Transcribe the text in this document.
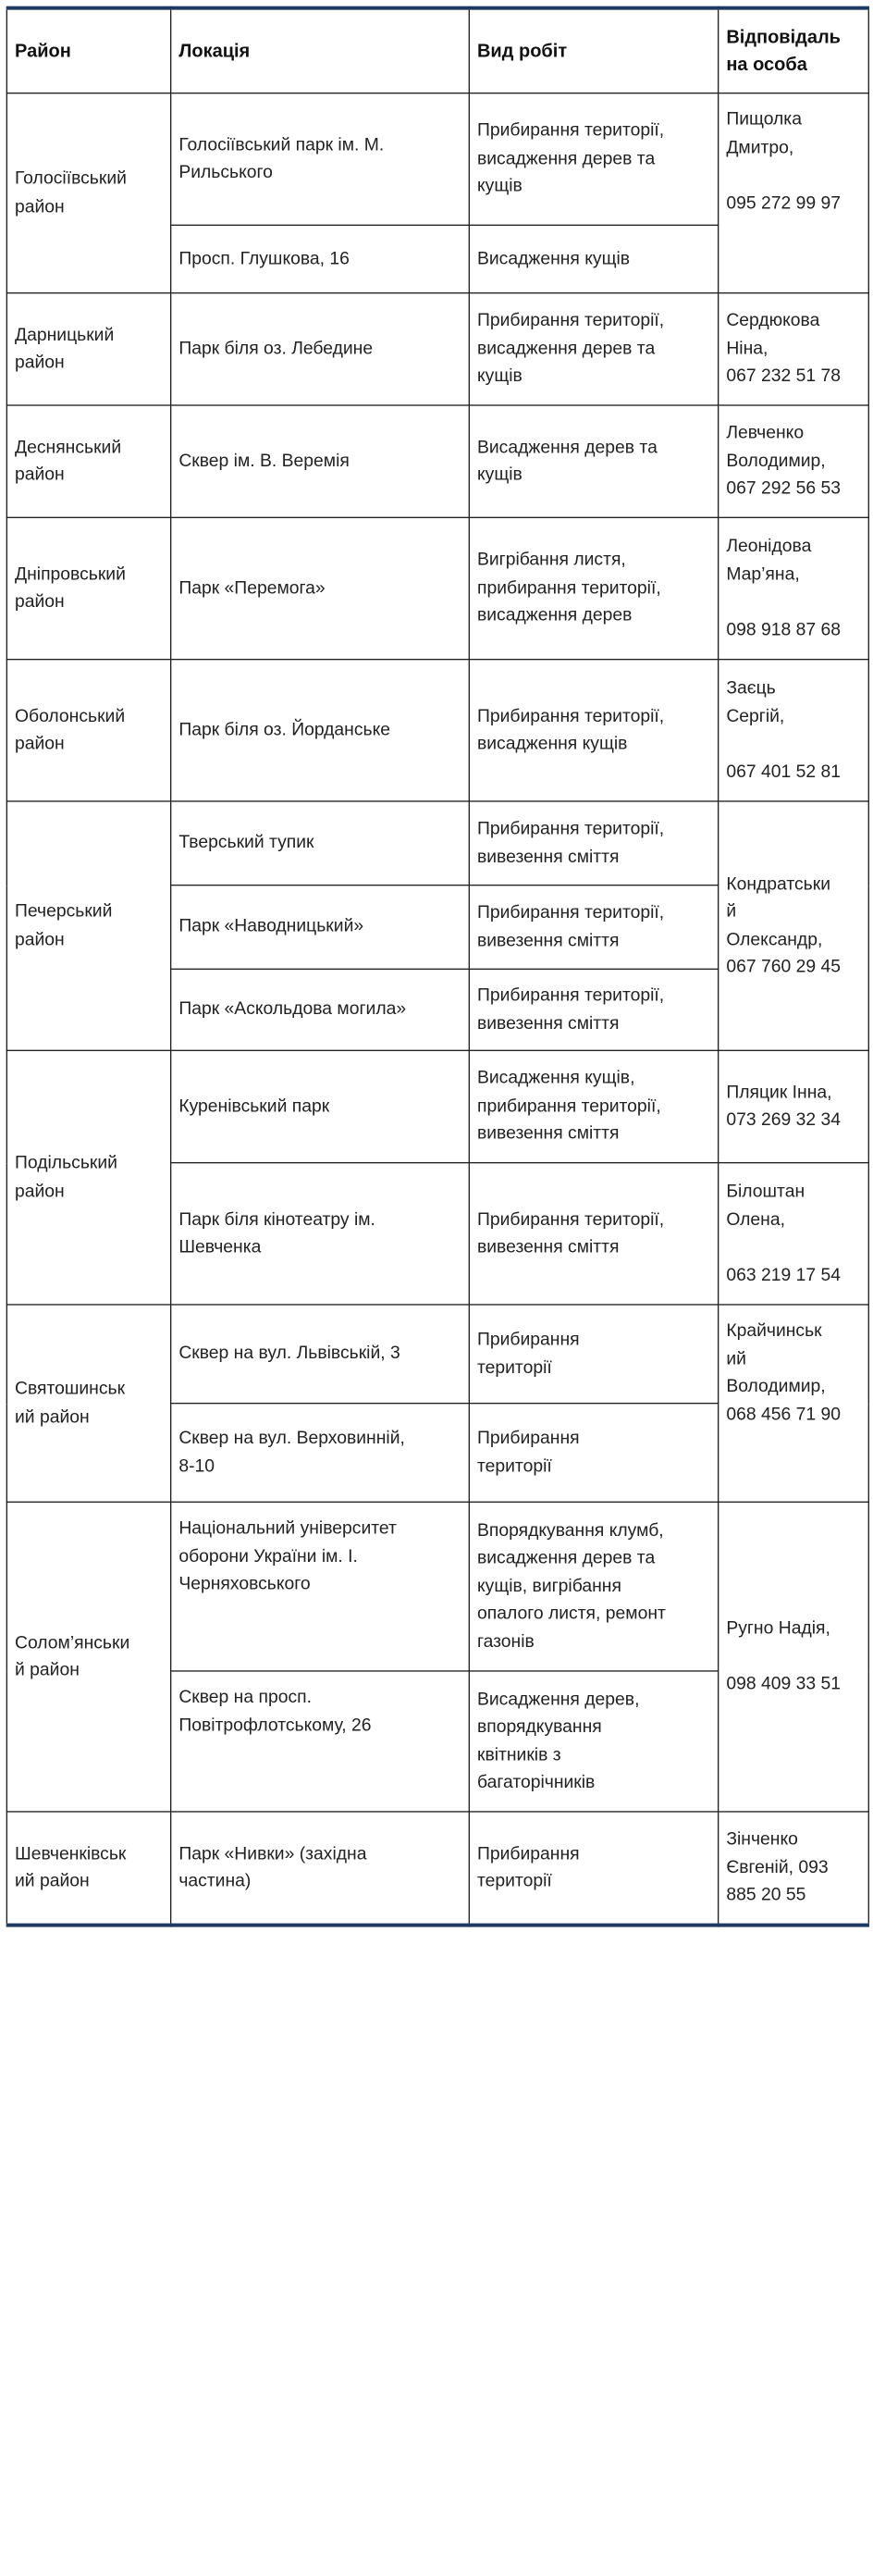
Район	Локація	Вид робіт	Відповідаль
на особа

Голосіївський
район	Голосіївський парк ім. М.
Рильського	Прибирання території,
висадження дерев та
кущів	Пищолка
Дмитро,

095 272 99 97

	Просп. Глушкова, 16	Висадження кущів	

Дарницький
район	Парк біля оз. Лебедине	Прибирання території,
висадження дерев та
кущів	Сердюкова
Ніна,
067 232 51 78

Деснянський
район	Сквер ім. В. Веремія	Висадження дерев та
кущів	Левченко
Володимир,
067 292 56 53

Дніпровський
район	Парк «Перемога»	Вигрібання листя,
прибирання території,
висадження дерев	Леонідова
Мар’яна,

098 918 87 68

Оболонський
район	Парк біля оз. Йорданське	Прибирання території,
висадження кущів	Заєць
Сергій,

067 401 52 81

Печерський
район	Тверський тупик	Прибирання території,
вивезення сміття	Кондратськи
й
Олександр,
067 760 29 45

	Парк «Наводницький»	Прибирання території,
вивезення сміття	

	Парк «Аскольдова могила»	Прибирання території,
вивезення сміття	

Подільський
район	Куренівський парк	Висадження кущів,
прибирання території,
вивезення сміття	Пляцик Інна,
073 269 32 34

	Парк біля кінотеатру ім.
Шевченка	Прибирання території,
вивезення сміття	Білоштан
Олена,

063 219 17 54

Святошинськ
ий район	Сквер на вул. Львівській, 3	Прибирання
території	Крайчинськ
ий
Володимир,
068 456 71 90

	Сквер на вул. Верховинній,
8-10	Прибирання
території	

Солом’янськи
й район	Національний університет
оборони України ім. І.
Черняховського	Впорядкування клумб,
висадження дерев та
кущів, вигрібання
опалого листя, ремонт
газонів	Ругно Надія,

098 409 33 51

	Сквер на просп.
Повітрофлотському, 26	Висадження дерев,
впорядкування
квітників з
багаторічників	

Шевченківськ
ий район	Парк «Нивки» (західна
частина)	Прибирання
території	Зінченко
Євгеній, 093
885 20 55
